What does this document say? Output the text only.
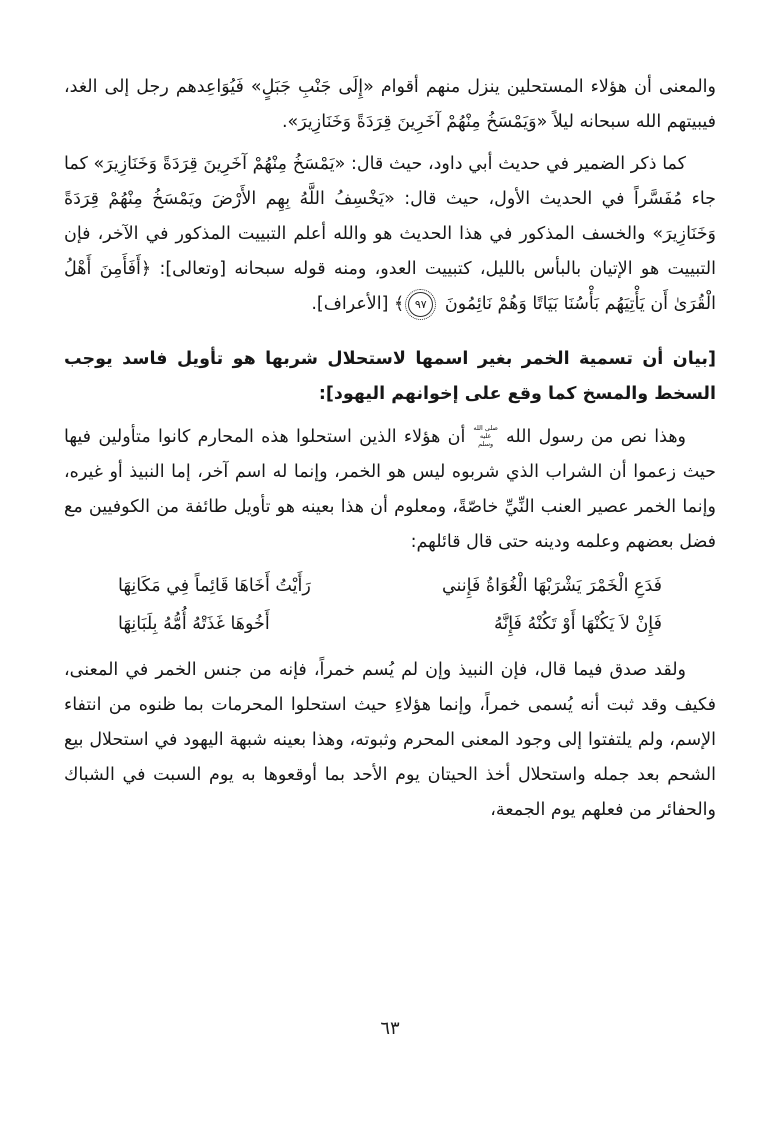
والمعنى أن هؤلاء المستحلين ينزل منهم أقوام «إِلَى جَنْبِ جَبَلٍ» فَيُوَاعِدهم رجل إلى الغد، فيبيتهم الله سبحانه ليلاً «وَيَمْسَخُ مِنْهُمْ آخَرِينَ قِرَدَةً وَخَنَازِيرَ».

كما ذكر الضمير في حديث أبي داود، حيث قال: «يَمْسَخُ مِنْهُمْ آخَرِينَ قِرَدَةً وَخَنَازِيرَ» كما جاء مُفَسَّراً في الحديث الأول، حيث قال: «يَخْسِفُ اللَّهُ بِهِم الأَرْضَ ويَمْسَخُ مِنْهُمْ قِرَدَةً وَخَنَازِيرَ» والخسف المذكور في هذا الحديث هو والله أعلم التبييت المذكور في الآخر، فإن التبييت هو الإتيان بالبأس بالليل، كتبييت العدو، ومنه قوله سبحانه [وتعالى]: ﴿أَفَأَمِنَ أَهْلُ الْقُرَىٰ أَن يَأْتِيَهُم بَأْسُنَا بَيَاتًا وَهُمْ نَائِمُونَ ٩٧﴾ [الأعراف].

[بيان أن تسمية الخمر بغير اسمها لاستحلال شربها هو تأويل فاسد يوجب السخط والمسخ كما وقع على إخوانهم اليهود]:

وهذا نص من رسول الله صلى الله عليه وسلم أن هؤلاء الذين استحلوا هذه المحارم كانوا متأولين فيها حيث زعموا أن الشراب الذي شربوه ليس هو الخمر، وإنما له اسم آخر، إما النبيذ أو غيره، وإنما الخمر عصير العنب النِّيِّ خاصّةً، ومعلوم أن هذا بعينه هو تأويل طائفة من الكوفيين مع فضل بعضهم وعلمه ودينه حتى قال قائلهم:

فَدَعِ الْخَمْرَ يَشْرَبْهَا الْغُوَاةُ فَإِنني
رَأَيْتُ أَخَاهَا قَائِماً فِي مَكَانِهَا
فَإِنْ لاَ يَكُنْهَا أَوْ تَكُنْهُ فَإِنَّهُ
أَخُوهَا غَذَتْهُ أُمُّهُ بِلَبَانِهَا

ولقد صدق فيما قال، فإن النبيذ وإن لم يُسم خمراً، فإنه من جنس الخمر في المعنى، فكيف وقد ثبت أنه يُسمى خمراً، وإنما هؤلاءِ حيث استحلوا المحرمات بما ظنوه من انتفاء الإسم، ولم يلتفتوا إلى وجود المعنى المحرم وثبوته، وهذا بعينه شبهة اليهود في استحلال بيع الشحم بعد جمله واستحلال أخذ الحيتان يوم الأحد بما أوقعوها به يوم السبت في الشباك والحفائر من فعلهم يوم الجمعة،

٦٣
